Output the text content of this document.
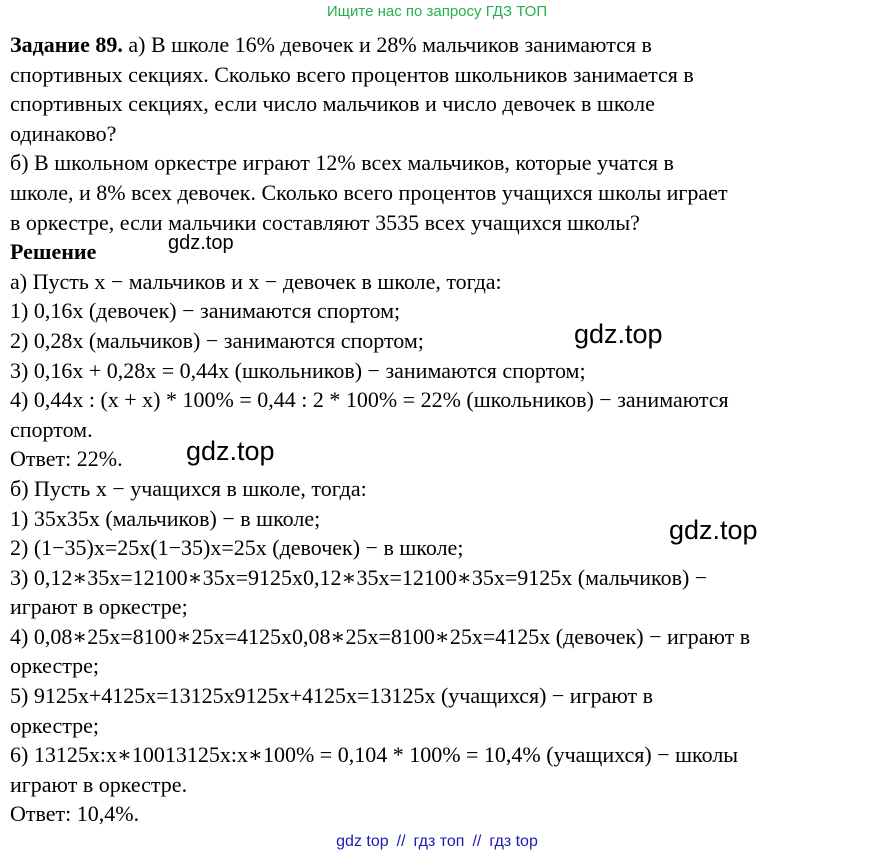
Ищите нас по запросу ГДЗ ТОП

Задание 89. а) В школе 16% девочек и 28% мальчиков занимаются в

спортивных секциях. Сколько всего процентов школьников занимается в

спортивных секциях, если число мальчиков и число девочек в школе

одинаково?

б) В школьном оркестре играют 12% всех мальчиков, которые учатся в

школе, и 8% всех девочек. Сколько всего процентов учащихся школы играет

в оркестре, если мальчики составляют 3535 всех учащихся школы?

Решение

а) Пусть х − мальчиков и х − девочек в школе, тогда:

1) 0,16х (девочек) − занимаются спортом;

2) 0,28х (мальчиков) − занимаются спортом;

3) 0,16х + 0,28х = 0,44х (школьников) − занимаются спортом;

4) 0,44х : (х + х) * 100% = 0,44 : 2 * 100% = 22% (школьников) − занимаются

спортом.

Ответ: 22%.

б) Пусть х − учащихся в школе, тогда:

1) 35х35х (мальчиков) − в школе;

2) (1−35)х=25х(1−35)х=25х (девочек) − в школе;

3) 0,12∗35х=12100∗35х=9125х0,12∗35х=12100∗35х=9125х (мальчиков) −

играют в оркестре;

4) 0,08∗25х=8100∗25х=4125х0,08∗25х=8100∗25х=4125х (девочек) − играют в

оркестре;

5) 9125х+4125х=13125х9125х+4125х=13125х (учащихся) − играют в

оркестре;

6) 13125х:х∗10013125х:х∗100% = 0,104 * 100% = 10,4% (учащихся) − школы

играют в оркестре.

Ответ: 10,4%.

gdz.top
gdz.top
gdz.top
gdz.top
gdz top // гдз топ // гдз top
